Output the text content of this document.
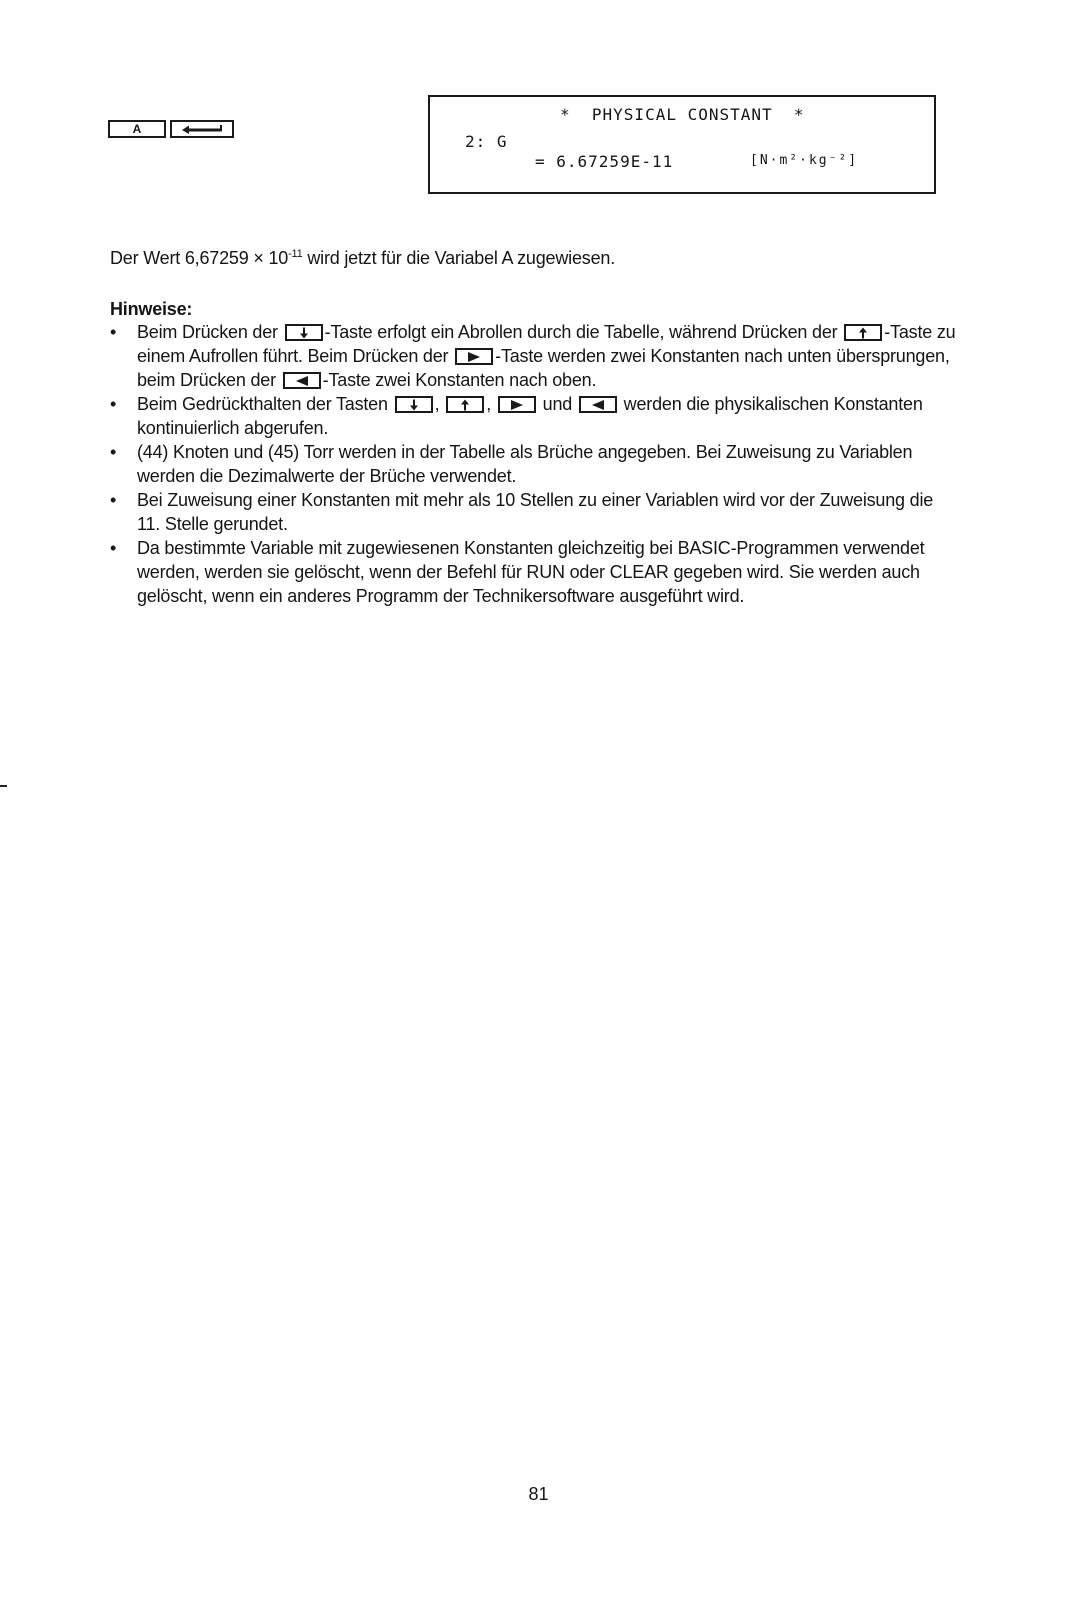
A
*  PHYSICAL CONSTANT  *
2: G
= 6.67259E-11	[N·m²·kg⁻²]
Der Wert $6,67259 \times 10^{-11}$ wird jetzt für die Variabel A zugewiesen.
Hinweise:
• Beim Drücken der
-Taste erfolgt ein Abrollen durch die Tabelle, während Drücken der
-Taste zu einem Aufrollen führt. Beim Drücken der
-Taste werden zwei Konstanten nach unten übersprungen, beim Drücken der
-Taste zwei Konstanten nach oben.
• Beim Gedrückthalten der Tasten
,
,
und
werden die physikalischen Konstanten kontinuierlich abgerufen.
• (44) Knoten und (45) Torr werden in der Tabelle als Brüche angegeben. Bei Zuweisung zu Variablen werden die Dezimalwerte der Brüche verwendet.
• Bei Zuweisung einer Konstanten mit mehr als 10 Stellen zu einer Variablen wird vor der Zuweisung die 11. Stelle gerundet.
• Da bestimmte Variable mit zugewiesenen Konstanten gleichzeitig bei BASIC-Programmen verwendet werden, werden sie gelöscht, wenn der Befehl für RUN oder CLEAR gegeben wird. Sie werden auch gelöscht, wenn ein anderes Programm der Technikersoftware ausgeführt wird.
81
